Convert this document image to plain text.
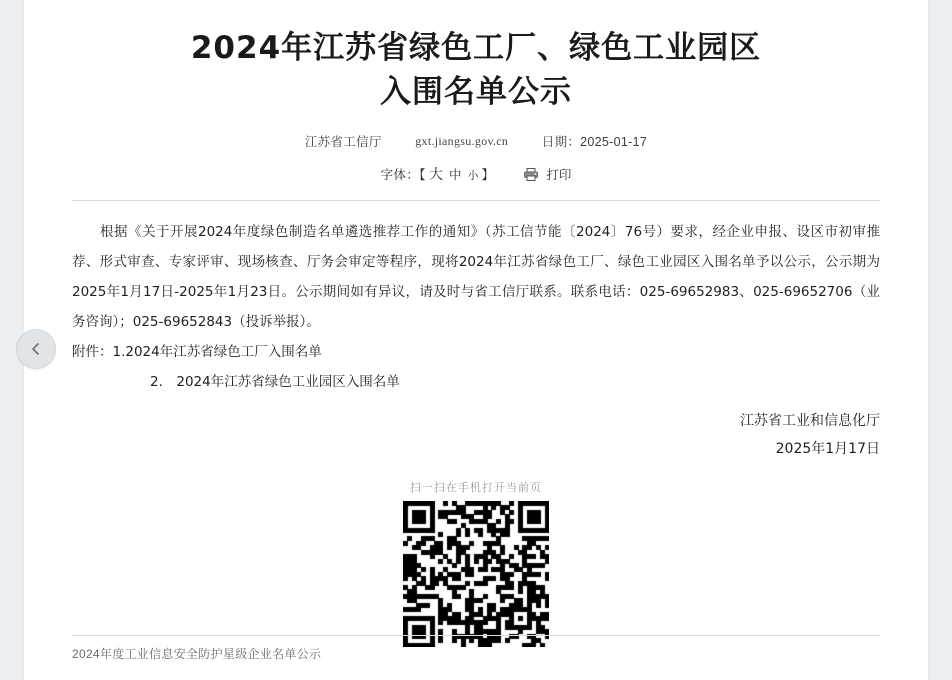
2024年江苏省绿色工厂、绿色工业园区
入围名单公示
江苏省工信厅	gxt.jiangsu.gov.cn	日期：2025-01-17
字体：【 大 中 小 】	打印

根据《关于开展2024年度绿色制造名单遴选推荐工作的通知》（苏工信节能〔2024〕76号）要求，经企业申报、设区市初审推荐、形式审查、专家评审、现场核查、厅务会审定等程序，现将2024年江苏省绿色工厂、绿色工业园区入围名单予以公示，公示期为2025年1月17日-2025年1月23日。公示期间如有异议，请及时与省工信厅联系。联系电话：025-69652983、025-69652706（业务咨询）；025-69652843（投诉举报）。

附件：1.2024年江苏省绿色工厂入围名单

2.　2024年江苏省绿色工业园区入围名单

江苏省工业和信息化厅
2025年1月17日
扫一扫在手机打开当前页
2024年度工业信息安全防护星级企业名单公示
